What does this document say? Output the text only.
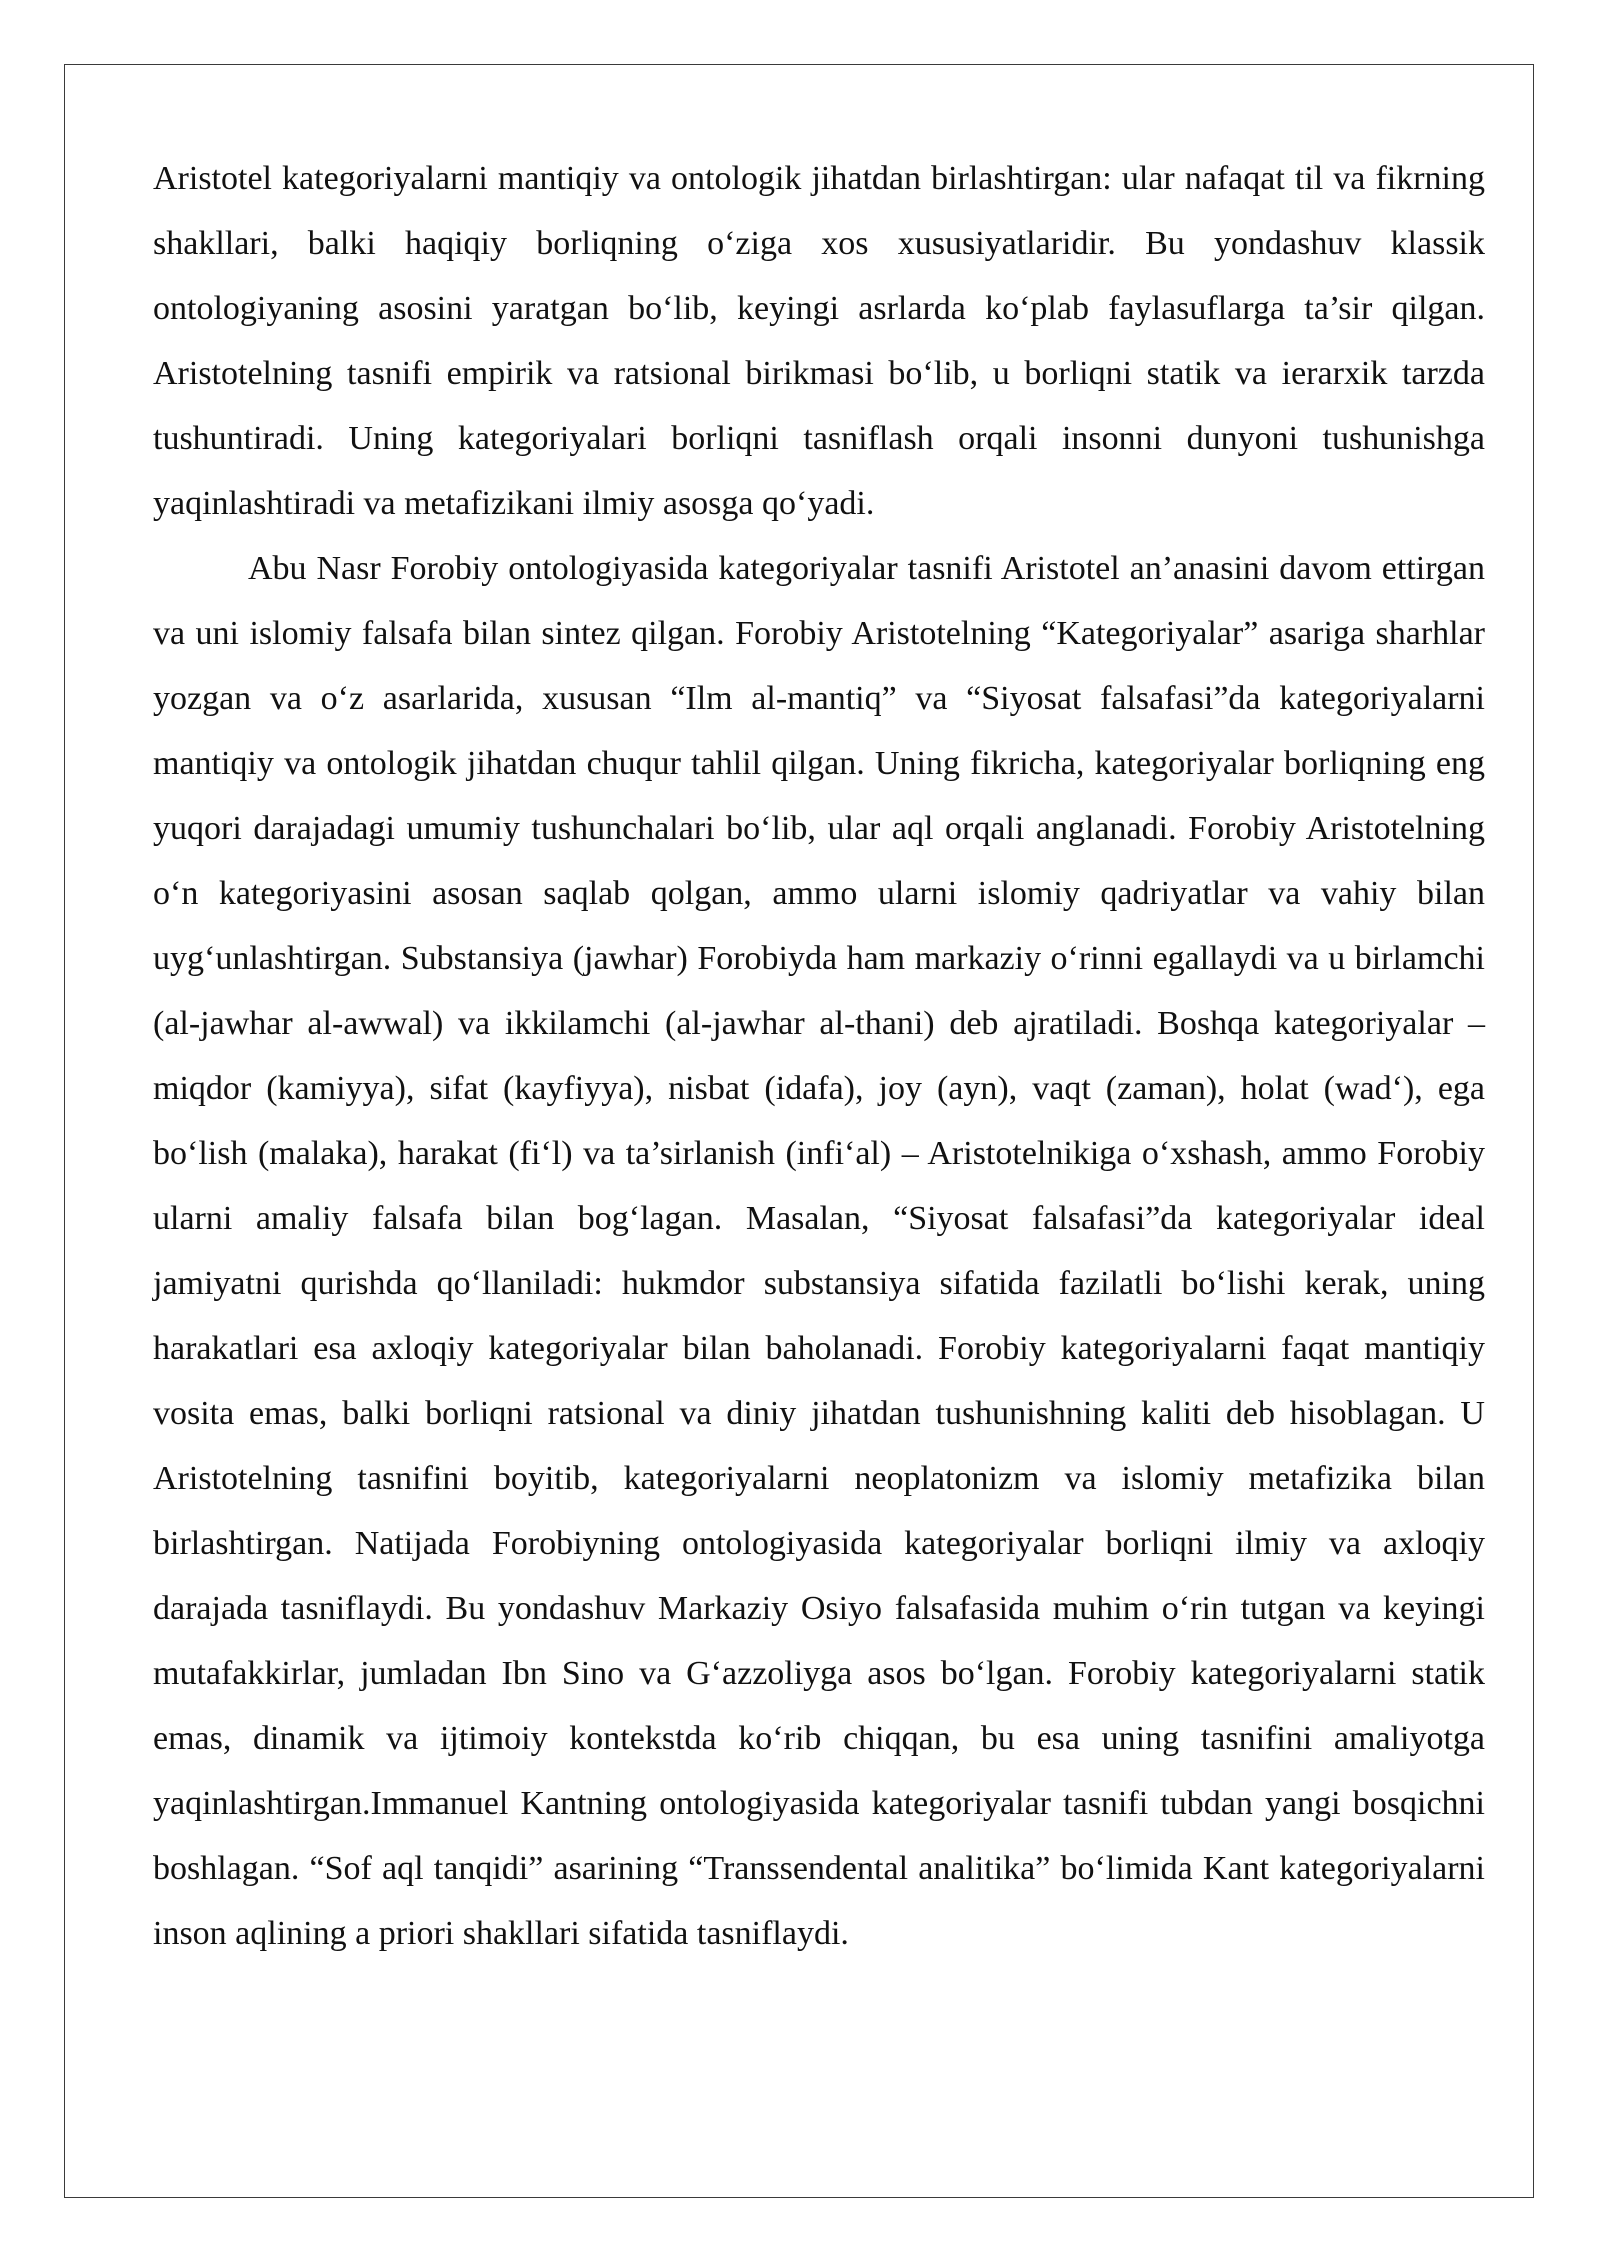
Aristotel kategoriyalarni mantiqiy va ontologik jihatdan birlashtirgan: ular nafaqat til va fikrning shakllari, balki haqiqiy borliqning o‘ziga xos xususiyatlaridir. Bu yondashuv klassik ontologiyaning asosini yaratgan bo‘lib, keyingi asrlarda ko‘plab faylasuflarga ta’sir qilgan. Aristotelning tasnifi empirik va ratsional birikmasi bo‘lib, u borliqni statik va ierarxik tarzda tushuntiradi. Uning kategoriyalari borliqni tasniflash orqali insonni dunyoni tushunishga yaqinlashtiradi va metafizikani ilmiy asosga qo‘yadi.

Abu Nasr Forobiy ontologiyasida kategoriyalar tasnifi Aristotel an’anasini davom ettirgan va uni islomiy falsafa bilan sintez qilgan. Forobiy Aristotelning “Kategoriyalar” asariga sharhlar yozgan va o‘z asarlarida, xususan “Ilm al-mantiq” va “Siyosat falsafasi”da kategoriyalarni mantiqiy va ontologik jihatdan chuqur tahlil qilgan. Uning fikricha, kategoriyalar borliqning eng yuqori darajadagi umumiy tushunchalari bo‘lib, ular aql orqali anglanadi. Forobiy Aristotelning o‘n kategoriyasini asosan saqlab qolgan, ammo ularni islomiy qadriyatlar va vahiy bilan uyg‘unlashtirgan. Substansiya (jawhar) Forobiyda ham markaziy o‘rinni egallaydi va u birlamchi (al-jawhar al-awwal) va ikkilamchi (al-jawhar al-thani) deb ajratiladi. Boshqa kategoriyalar – miqdor (kamiyya), sifat (kayfiyya), nisbat (idafa), joy (ayn), vaqt (zaman), holat (wad‘), ega bo‘lish (malaka), harakat (fi‘l) va ta’sirlanish (infi‘al) – Aristotelnikiga o‘xshash, ammo Forobiy ularni amaliy falsafa bilan bog‘lagan. Masalan, “Siyosat falsafasi”da kategoriyalar ideal jamiyatni qurishda qo‘llaniladi: hukmdor substansiya sifatida fazilatli bo‘lishi kerak, uning harakatlari esa axloqiy kategoriyalar bilan baholanadi. Forobiy kategoriyalarni faqat mantiqiy vosita emas, balki borliqni ratsional va diniy jihatdan tushunishning kaliti deb hisoblagan. U Aristotelning tasnifini boyitib, kategoriyalarni neoplatonizm va islomiy metafizika bilan birlashtirgan. Natijada Forobiyning ontologiyasida kategoriyalar borliqni ilmiy va axloqiy darajada tasniflaydi. Bu yondashuv Markaziy Osiyo falsafasida muhim o‘rin tutgan va keyingi mutafakkirlar, jumladan Ibn Sino va G‘azzoliyga asos bo‘lgan. Forobiy kategoriyalarni statik emas, dinamik va ijtimoiy kontekstda ko‘rib chiqqan, bu esa uning tasnifini amaliyotga yaqinlashtirgan.Immanuel Kantning ontologiyasida kategoriyalar tasnifi tubdan yangi bosqichni boshlagan. “Sof aql tanqidi” asarining “Transsendental analitika” bo‘limida Kant kategoriyalarni inson aqlining a priori shakllari sifatida tasniflaydi.
